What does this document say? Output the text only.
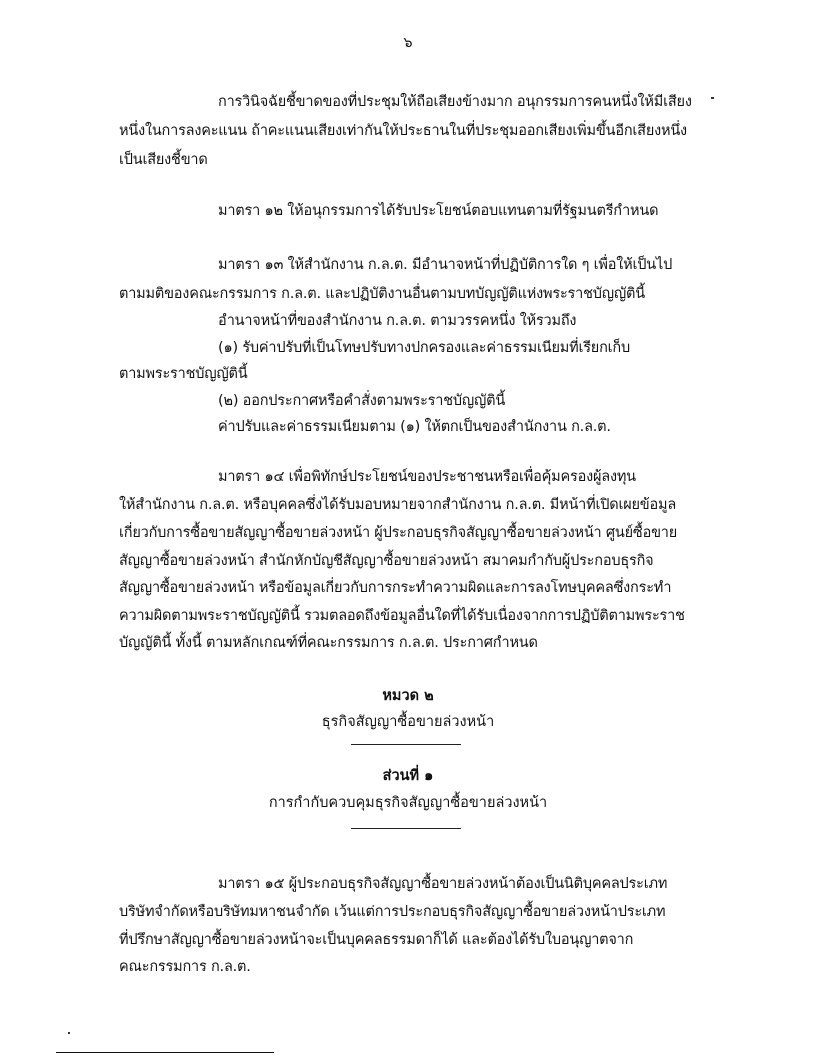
๖
การวินิจฉัยชี้ขาดของที่ประชุมให้ถือเสียงข้างมาก อนุกรรมการคนหนึ่งให้มีเสียง
หนึ่งในการลงคะแนน ถ้าคะแนนเสียงเท่ากันให้ประธานในที่ประชุมออกเสียงเพิ่มขึ้นอีกเสียงหนึ่ง
เป็นเสียงชี้ขาด
มาตรา ๑๒ ให้อนุกรรมการได้รับประโยชน์ตอบแทนตามที่รัฐมนตรีกำหนด
มาตรา ๑๓ ให้สำนักงาน ก.ล.ต. มีอำนาจหน้าที่ปฏิบัติการใด ๆ เพื่อให้เป็นไป
ตามมติของคณะกรรมการ ก.ล.ต. และปฏิบัติงานอื่นตามบทบัญญัติแห่งพระราชบัญญัตินี้
อำนาจหน้าที่ของสำนักงาน ก.ล.ต. ตามวรรคหนึ่ง ให้รวมถึง
(๑) รับค่าปรับที่เป็นโทษปรับทางปกครองและค่าธรรมเนียมที่เรียกเก็บ
ตามพระราชบัญญัตินี้
(๒) ออกประกาศหรือคำสั่งตามพระราชบัญญัตินี้
ค่าปรับและค่าธรรมเนียมตาม (๑) ให้ตกเป็นของสำนักงาน ก.ล.ต.
มาตรา ๑๔ เพื่อพิทักษ์ประโยชน์ของประชาชนหรือเพื่อคุ้มครองผู้ลงทุน
ให้สำนักงาน ก.ล.ต. หรือบุคคลซึ่งได้รับมอบหมายจากสำนักงาน ก.ล.ต. มีหน้าที่เปิดเผยข้อมูล
เกี่ยวกับการซื้อขายสัญญาซื้อขายล่วงหน้า ผู้ประกอบธุรกิจสัญญาซื้อขายล่วงหน้า ศูนย์ซื้อขาย
สัญญาซื้อขายล่วงหน้า สำนักหักบัญชีสัญญาซื้อขายล่วงหน้า สมาคมกำกับผู้ประกอบธุรกิจ
สัญญาซื้อขายล่วงหน้า หรือข้อมูลเกี่ยวกับการกระทำความผิดและการลงโทษบุคคลซึ่งกระทำ
ความผิดตามพระราชบัญญัตินี้ รวมตลอดถึงข้อมูลอื่นใดที่ได้รับเนื่องจากการปฏิบัติตามพระราช
บัญญัตินี้ ทั้งนี้ ตามหลักเกณฑ์ที่คณะกรรมการ ก.ล.ต. ประกาศกำหนด
หมวด ๒
ธุรกิจสัญญาซื้อขายล่วงหน้า
ส่วนที่ ๑
การกำกับควบคุมธุรกิจสัญญาซื้อขายล่วงหน้า
มาตรา ๑๕ ผู้ประกอบธุรกิจสัญญาซื้อขายล่วงหน้าต้องเป็นนิติบุคคลประเภท
บริษัทจำกัดหรือบริษัทมหาชนจำกัด เว้นแต่การประกอบธุรกิจสัญญาซื้อขายล่วงหน้าประเภท
ที่ปรึกษาสัญญาซื้อขายล่วงหน้าจะเป็นบุคคลธรรมดาก็ได้ และต้องได้รับใบอนุญาตจาก
คณะกรรมการ ก.ล.ต.
